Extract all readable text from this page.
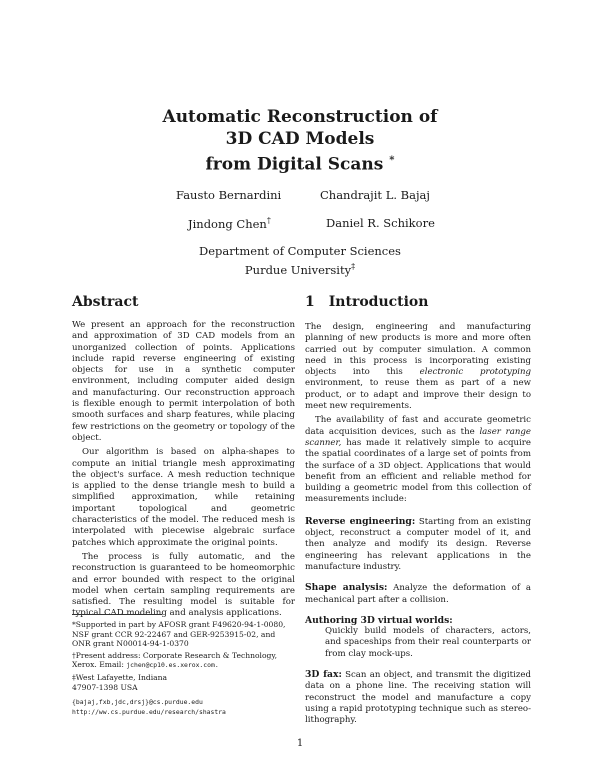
Automatic Reconstruction of
3D CAD Models
from Digital Scans *
Fausto Bernardini	Chandrajit L. Bajaj
Jindong Chen†	Daniel R. Schikore
Department of Computer Sciences
Purdue University‡
Abstract

We present an approach for the reconstruction and approximation of 3D CAD models from an unorganized collection of points. Applications include rapid reverse engineering of existing objects for use in a synthetic computer environment, including computer aided design and manufacturing. Our reconstruction approach is flexible enough to permit interpolation of both smooth surfaces and sharp features, while placing few restrictions on the geometry or topology of the object.

Our algorithm is based on alpha-shapes to compute an initial triangle mesh approximating the object's surface. A mesh reduction technique is applied to the dense triangle mesh to build a simplified approximation, while retaining important topological and geometric characteristics of the model. The reduced mesh is interpolated with piecewise algebraic surface patches which approximate the original points.

The process is fully automatic, and the reconstruction is guaranteed to be homeomorphic and error bounded with respect to the original model when certain sampling requirements are satisfied. The resulting model is suitable for typical CAD modeling and analysis applications.

*Supported in part by AFOSR grant F49620-94-1-0080, NSF grant CCR 92-22467 and GER-9253915-02, and ONR grant N00014-94-1-0370
†Present address: Corporate Research & Technology, Xerox. Email: jchen@cp10.es.xerox.com.
‡West Lafayette, Indiana
47907-1398 USA
{bajaj,fxb,jdc,drsj}@cs.purdue.edu
http://ww.cs.purdue.edu/research/shastra
1 Introduction

The design, engineering and manufacturing planning of new products is more and more often carried out by computer simulation. A common need in this process is incorporating existing objects into this electronic prototyping environment, to reuse them as part of a new product, or to adapt and improve their design to meet new requirements.

The availability of fast and accurate geometric data acquisition devices, such as the laser range scanner, has made it relatively simple to acquire the spatial coordinates of a large set of points from the surface of a 3D object. Applications that would benefit from an efficient and reliable method for building a geometric model from this collection of measurements include:

Reverse engineering: Starting from an existing object, reconstruct a computer model of it, and then analyze and modify its design. Reverse engineering has relevant applications in the manufacture industry.
Shape analysis: Analyze the deformation of a mechanical part after a collision.
Authoring 3D virtual worlds:
Quickly build models of characters, actors, and spaceships from their real counterparts or from clay mock-ups.
3D fax: Scan an object, and transmit the digitized data on a phone line. The receiving station will reconstruct the model and manufacture a copy using a rapid prototyping technique such as stereo-lithography.
1
